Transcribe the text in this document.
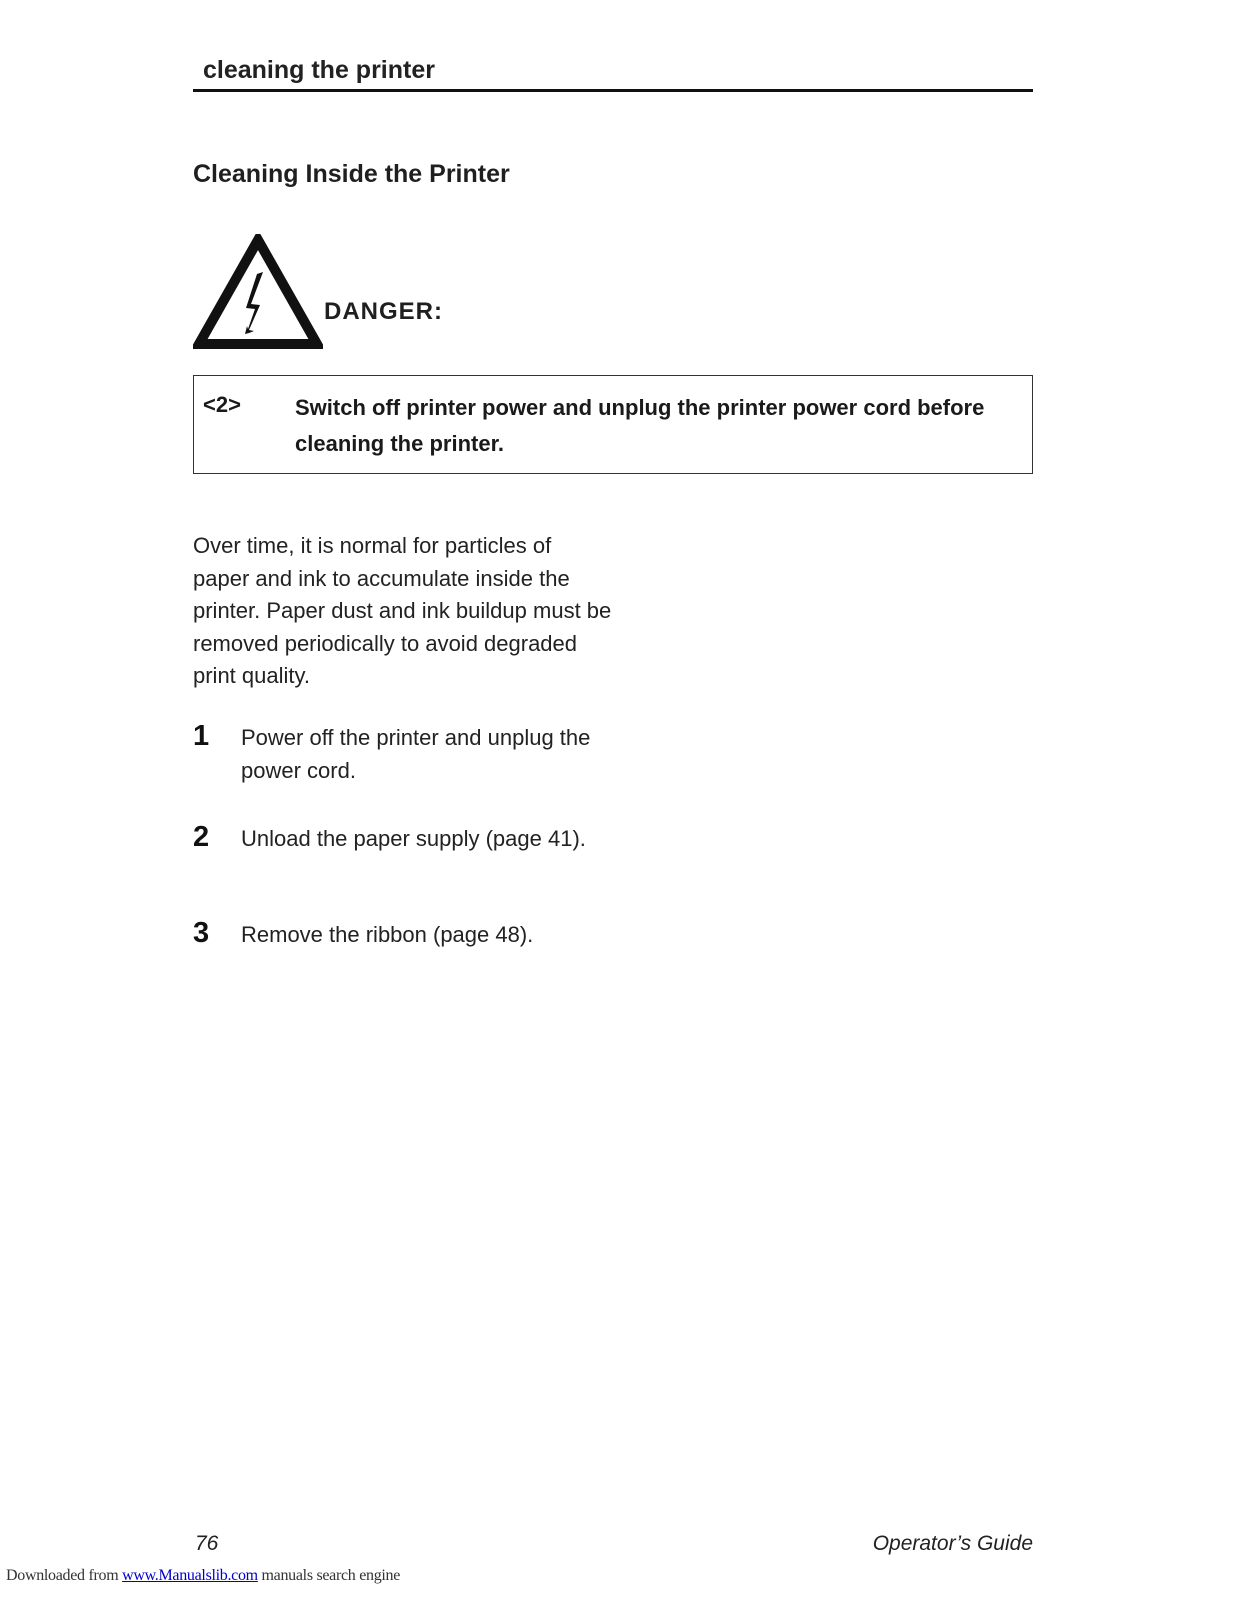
cleaning the printer
Cleaning Inside the Printer
DANGER:
<2> Switch off printer power and unplug the printer power cord before cleaning the printer.
Over time, it is normal for particles of paper and ink to accumulate inside the printer. Paper dust and ink buildup must be removed periodically to avoid degraded print quality.
1 Power off the printer and unplug the power cord.
2 Unload the paper supply (page 41).
3 Remove the ribbon (page 48).
76	Operator’s Guide
Downloaded from www.Manualslib.com manuals search engine
